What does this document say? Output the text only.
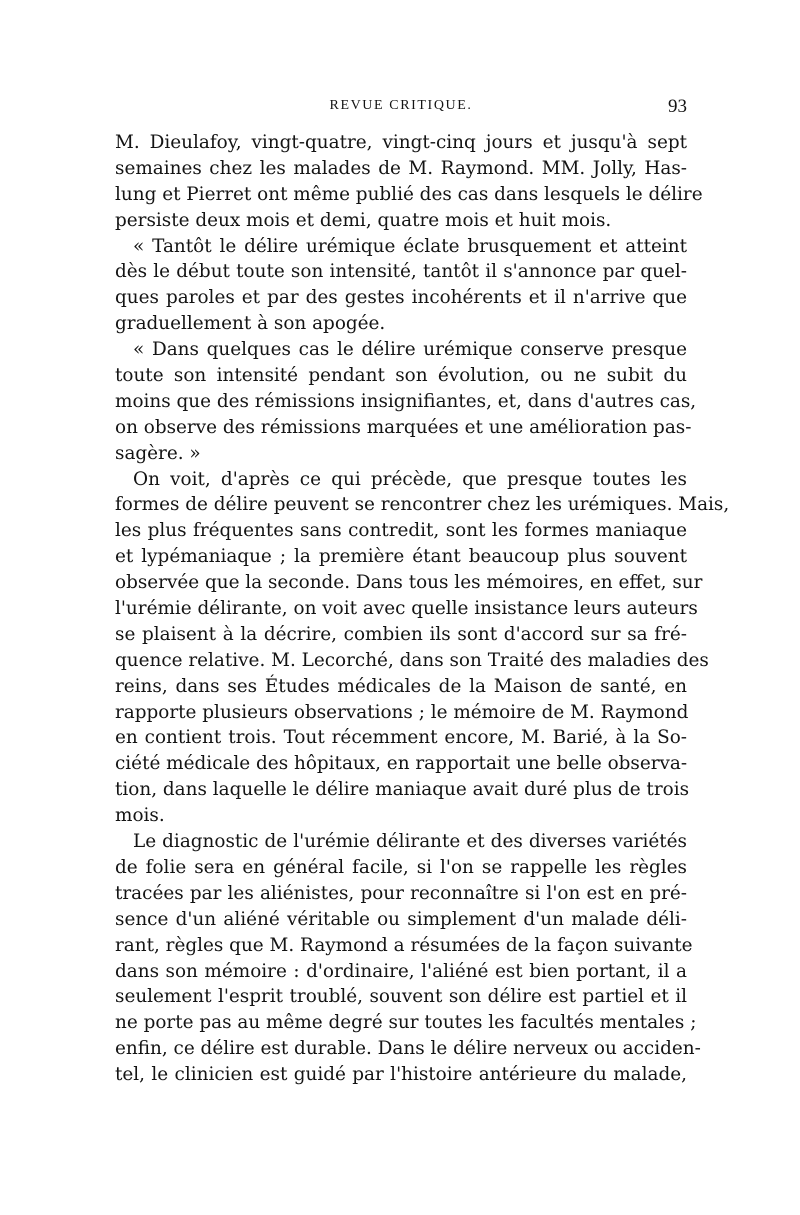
REVUE CRITIQUE.	93
M. Dieulafoy, vingt-quatre, vingt-cinq jours et jusqu'à sept
semaines chez les malades de M. Raymond. MM. Jolly, Has-
lung et Pierret ont même publié des cas dans lesquels le délire
persiste deux mois et demi, quatre mois et huit mois.
« Tantôt le délire urémique éclate brusquement et atteint
dès le début toute son intensité, tantôt il s'annonce par quel-
ques paroles et par des gestes incohérents et il n'arrive que
graduellement à son apogée.
« Dans quelques cas le délire urémique conserve presque
toute son intensité pendant son évolution, ou ne subit du
moins que des rémissions insignifiantes, et, dans d'autres cas,
on observe des rémissions marquées et une amélioration pas-
sagère. »
On voit, d'après ce qui précède, que presque toutes les
formes de délire peuvent se rencontrer chez les urémiques. Mais,
les plus fréquentes sans contredit, sont les formes maniaque
et lypémaniaque ; la première étant beaucoup plus souvent
observée que la seconde. Dans tous les mémoires, en effet, sur
l'urémie délirante, on voit avec quelle insistance leurs auteurs
se plaisent à la décrire, combien ils sont d'accord sur sa fré-
quence relative. M. Lecorché, dans son Traité des maladies des
reins, dans ses Études médicales de la Maison de santé, en
rapporte plusieurs observations ; le mémoire de M. Raymond
en contient trois. Tout récemment encore, M. Barié, à la So-
ciété médicale des hôpitaux, en rapportait une belle observa-
tion, dans laquelle le délire maniaque avait duré plus de trois
mois.
Le diagnostic de l'urémie délirante et des diverses variétés
de folie sera en général facile, si l'on se rappelle les règles
tracées par les aliénistes, pour reconnaître si l'on est en pré-
sence d'un aliéné véritable ou simplement d'un malade déli-
rant, règles que M. Raymond a résumées de la façon suivante
dans son mémoire : d'ordinaire, l'aliéné est bien portant, il a
seulement l'esprit troublé, souvent son délire est partiel et il
ne porte pas au même degré sur toutes les facultés mentales ;
enfin, ce délire est durable. Dans le délire nerveux ou acciden-
tel, le clinicien est guidé par l'histoire antérieure du malade,
